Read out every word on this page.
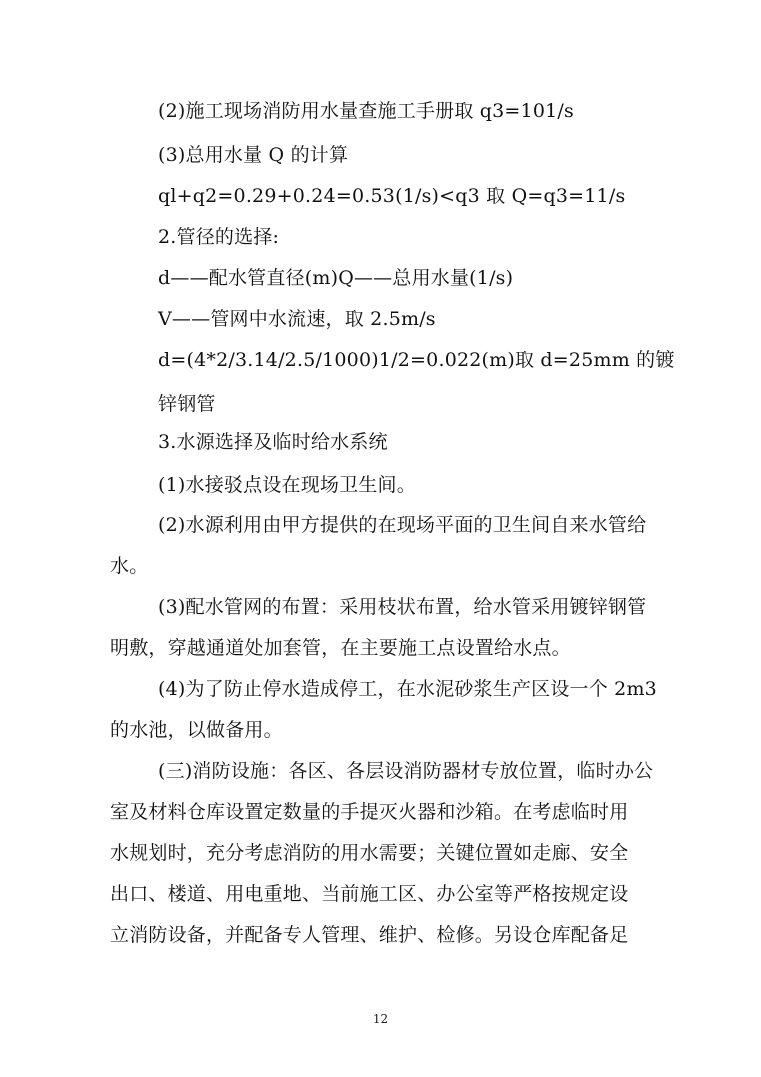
(2)施工现场消防用水量查施工手册取 q3=101/s
(3)总用水量 Q 的计算
ql+q2=0.29+0.24=0.53(1/s)<q3 取 Q=q3=11/s
2.管径的选择:
d——配水管直径(m)Q——总用水量(1/s)
V——管网中水流速，取 2.5m/s
d=(4*2/3.14/2.5/1000)1/2=0.022(m)取 d=25mm 的镀
锌钢管
3.水源选择及临时给水系统
(1)水接驳点设在现场卫生间。
(2)水源利用由甲方提供的在现场平面的卫生间自来水管给
水。
(3)配水管网的布置：采用枝状布置，给水管采用镀锌钢管
明敷，穿越通道处加套管，在主要施工点设置给水点。
(4)为了防止停水造成停工，在水泥砂浆生产区设一个 2m3
的水池，以做备用。
(三)消防设施：各区、各层设消防器材专放位置，临时办公
室及材料仓库设置定数量的手提灭火器和沙箱。在考虑临时用
水规划时，充分考虑消防的用水需要；关键位置如走廊、安全
出口、楼道、用电重地、当前施工区、办公室等严格按规定设
立消防设备，并配备专人管理、维护、检修。另设仓库配备足
12
